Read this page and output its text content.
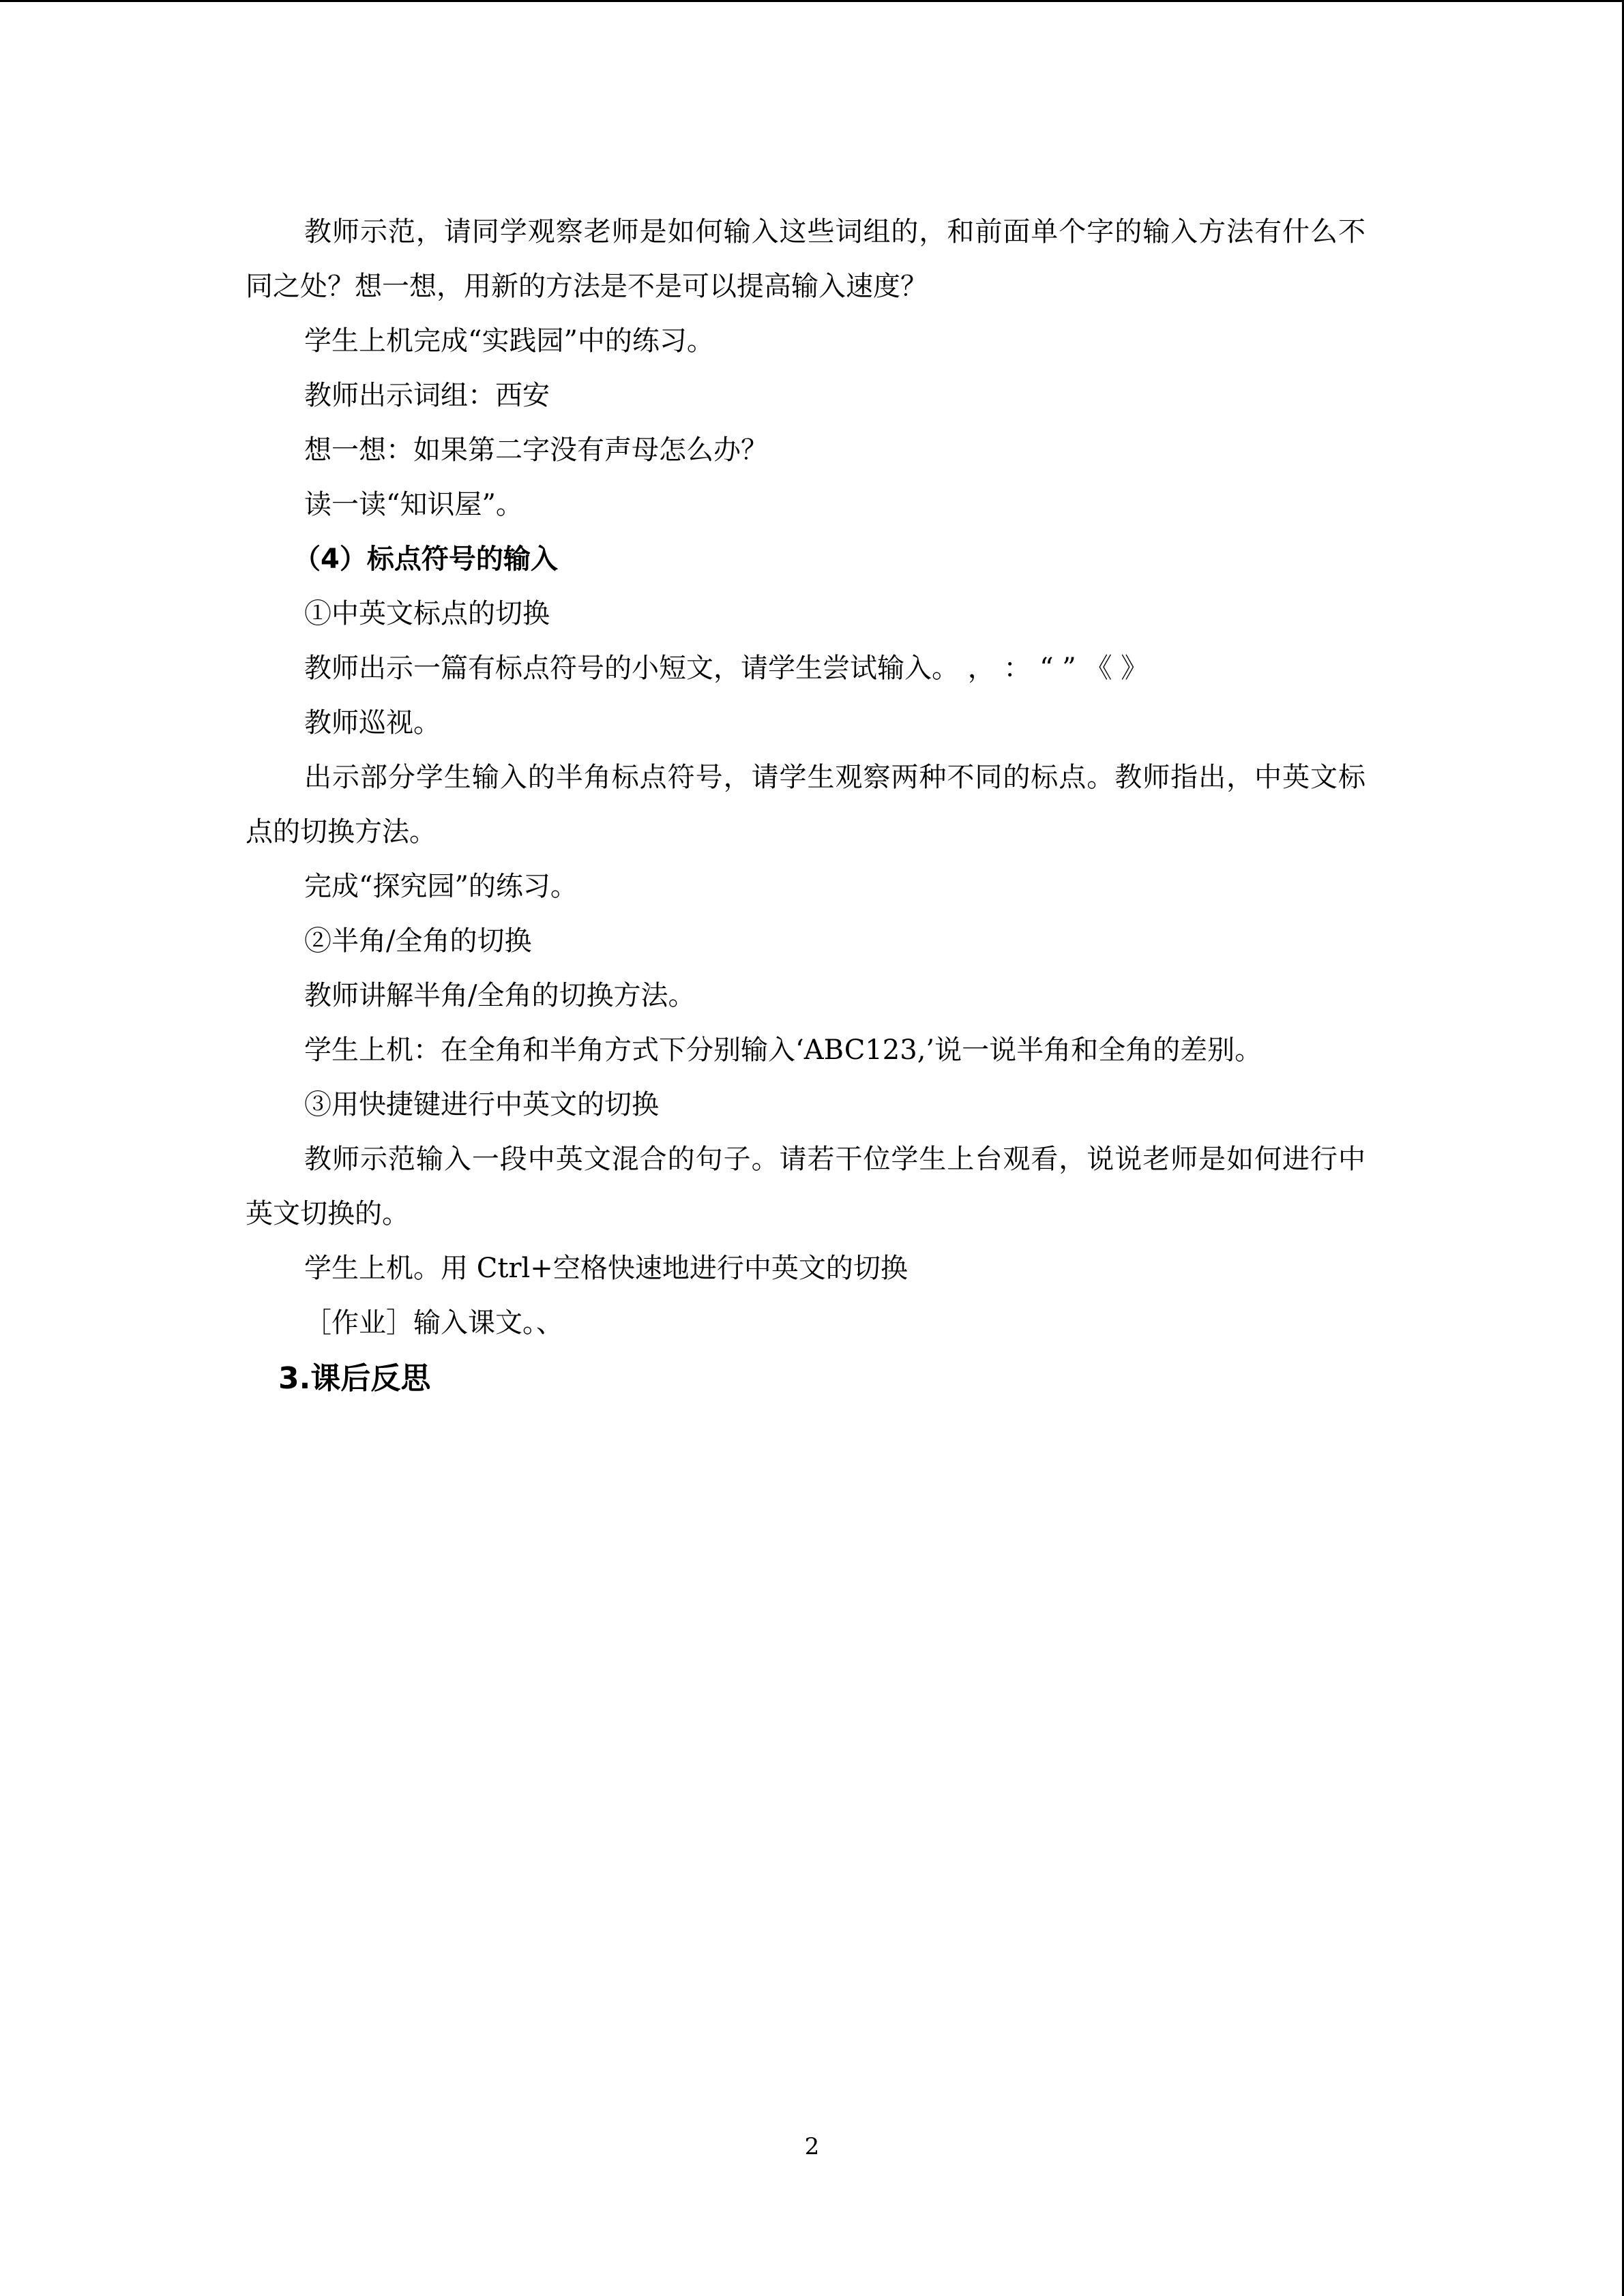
教师示范，请同学观察老师是如何输入这些词组的，和前面单个字的输入方法有什么不同之处？想一想，用新的方法是不是可以提高输入速度？

学生上机完成“实践园”中的练习。

教师出示词组：西安

想一想：如果第二字没有声母怎么办？

读一读“知识屋”。

（4）标点符号的输入

①中英文标点的切换

教师出示一篇有标点符号的小短文，请学生尝试输入。 ， ： “ ” 《 》

教师巡视。

出示部分学生输入的半角标点符号，请学生观察两种不同的标点。教师指出，中英文标点的切换方法。

完成“探究园”的练习。

②半角/全角的切换

教师讲解半角/全角的切换方法。

学生上机：在全角和半角方式下分别输入‘ABC123,’说一说半角和全角的差别。

③用快捷键进行中英文的切换

教师示范输入一段中英文混合的句子。请若干位学生上台观看，说说老师是如何进行中英文切换的。

学生上机。用 Ctrl+空格快速地进行中英文的切换

［作业］输入课文。、

3.课后反思

2
